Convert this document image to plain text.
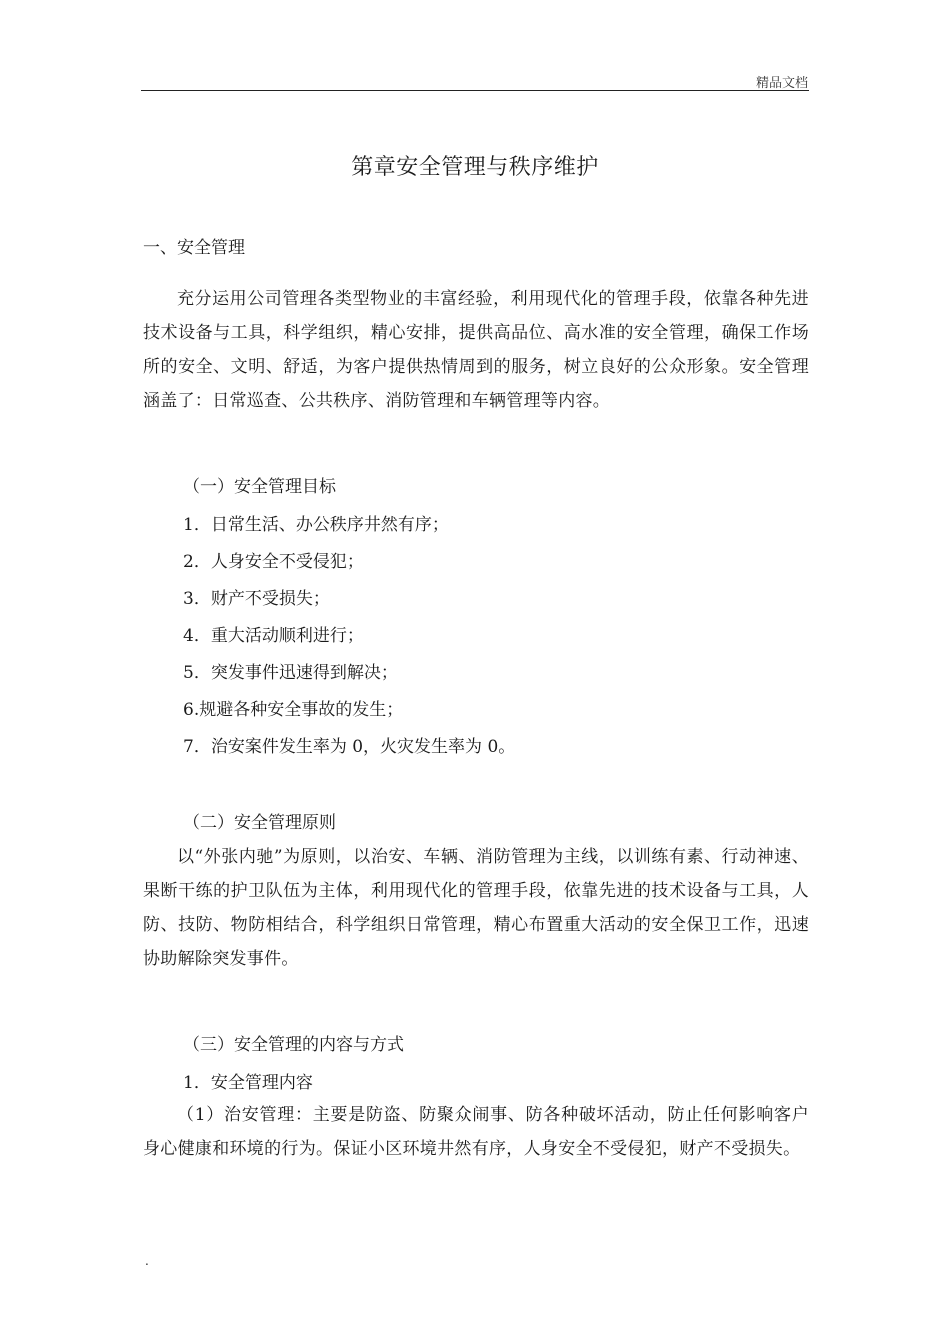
精品文档
第章安全管理与秩序维护
一、安全管理

充分运用公司管理各类型物业的丰富经验，利用现代化的管理手段，依靠各种先进技术设备与工具，科学组织，精心安排，提供高品位、高水准的安全管理，确保工作场所的安全、文明、舒适，为客户提供热情周到的服务，树立良好的公众形象。安全管理涵盖了：日常巡查、公共秩序、消防管理和车辆管理等内容。

（一）安全管理目标
1．日常生活、办公秩序井然有序；
2．人身安全不受侵犯；
3．财产不受损失；
4．重大活动顺利进行；
5．突发事件迅速得到解决；
6.规避各种安全事故的发生；
7．治安案件发生率为 0，火灾发生率为 0。
（二）安全管理原则

以“外张内驰”为原则，以治安、车辆、消防管理为主线，以训练有素、行动神速、果断干练的护卫队伍为主体，利用现代化的管理手段，依靠先进的技术设备与工具，人防、技防、物防相结合，科学组织日常管理，精心布置重大活动的安全保卫工作，迅速协助解除突发事件。

（三）安全管理的内容与方式
1．安全管理内容

（1）治安管理：主要是防盗、防聚众闹事、防各种破坏活动，防止任何影响客户身心健康和环境的行为。保证小区环境井然有序，人身安全不受侵犯，财产不受损失。

.
